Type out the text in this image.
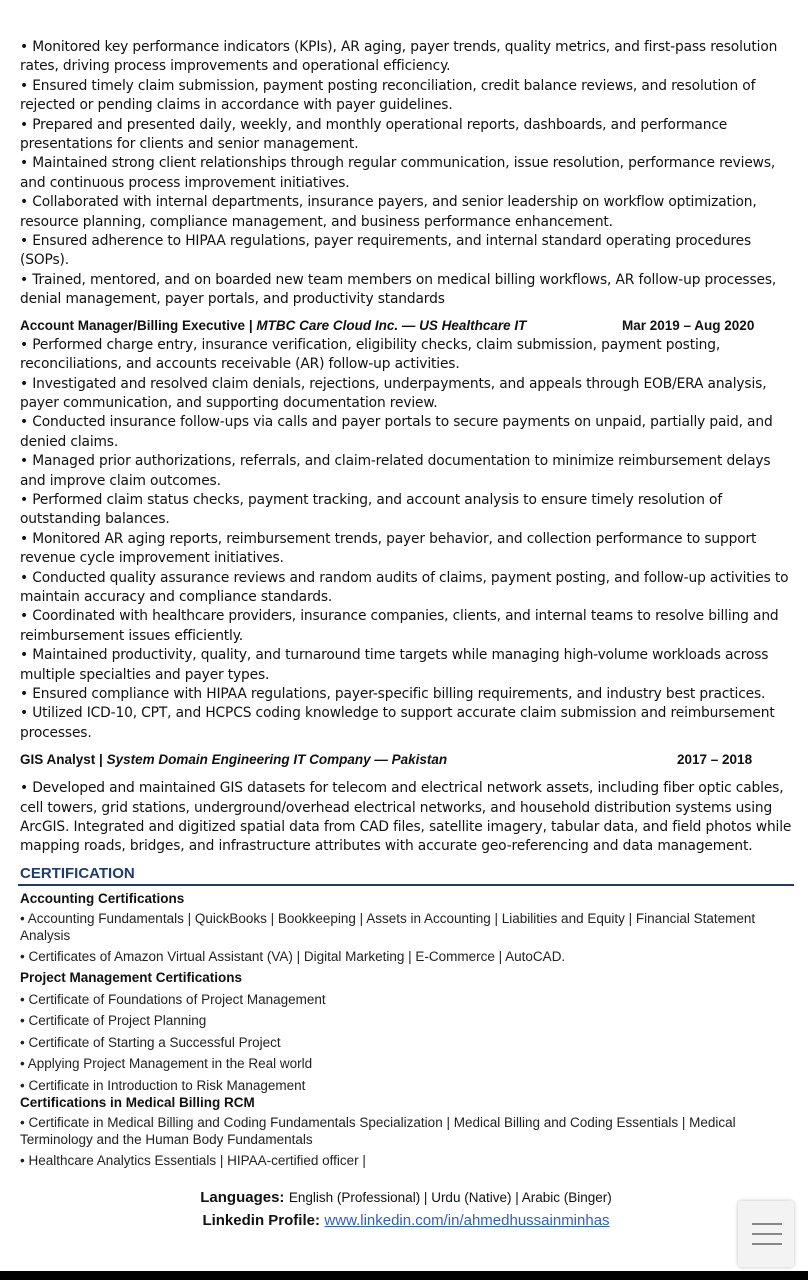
• Monitored key performance indicators (KPIs), AR aging, payer trends, quality metrics, and first-pass resolution rates, driving process improvements and operational efficiency.
• Ensured timely claim submission, payment posting reconciliation, credit balance reviews, and resolution of rejected or pending claims in accordance with payer guidelines.
• Prepared and presented daily, weekly, and monthly operational reports, dashboards, and performance presentations for clients and senior management.
• Maintained strong client relationships through regular communication, issue resolution, performance reviews, and continuous process improvement initiatives.
• Collaborated with internal departments, insurance payers, and senior leadership on workflow optimization, resource planning, compliance management, and business performance enhancement.
• Ensured adherence to HIPAA regulations, payer requirements, and internal standard operating procedures (SOPs).
• Trained, mentored, and on boarded new team members on medical billing workflows, AR follow-up processes, denial management, payer portals, and productivity standards
Account Manager/Billing Executive | MTBC Care Cloud Inc. — US Healthcare IT	Mar 2019 – Aug 2020
• Performed charge entry, insurance verification, eligibility checks, claim submission, payment posting, reconciliations, and accounts receivable (AR) follow-up activities.
• Investigated and resolved claim denials, rejections, underpayments, and appeals through EOB/ERA analysis, payer communication, and supporting documentation review.
• Conducted insurance follow-ups via calls and payer portals to secure payments on unpaid, partially paid, and denied claims.
• Managed prior authorizations, referrals, and claim-related documentation to minimize reimbursement delays and improve claim outcomes.
• Performed claim status checks, payment tracking, and account analysis to ensure timely resolution of outstanding balances.
• Monitored AR aging reports, reimbursement trends, payer behavior, and collection performance to support revenue cycle improvement initiatives.
• Conducted quality assurance reviews and random audits of claims, payment posting, and follow-up activities to maintain accuracy and compliance standards.
• Coordinated with healthcare providers, insurance companies, clients, and internal teams to resolve billing and reimbursement issues efficiently.
• Maintained productivity, quality, and turnaround time targets while managing high-volume workloads across multiple specialties and payer types.
• Ensured compliance with HIPAA regulations, payer-specific billing requirements, and industry best practices.
• Utilized ICD-10, CPT, and HCPCS coding knowledge to support accurate claim submission and reimbursement processes.
GIS Analyst | System Domain Engineering IT Company — Pakistan	2017 – 2018
• Developed and maintained GIS datasets for telecom and electrical network assets, including fiber optic cables, cell towers, grid stations, underground/overhead electrical networks, and household distribution systems using ArcGIS. Integrated and digitized spatial data from CAD files, satellite imagery, tabular data, and field photos while mapping roads, bridges, and infrastructure attributes with accurate geo-referencing and data management.
CERTIFICATION
Accounting Certifications
• Accounting Fundamentals | QuickBooks | Bookkeeping | Assets in Accounting | Liabilities and Equity | Financial Statement Analysis
• Certificates of Amazon Virtual Assistant (VA) | Digital Marketing | E-Commerce | AutoCAD.
Project Management Certifications
• Certificate of Foundations of Project Management
• Certificate of Project Planning
• Certificate of Starting a Successful Project
• Applying Project Management in the Real world
• Certificate in Introduction to Risk Management
Certifications in Medical Billing RCM
• Certificate in Medical Billing and Coding Fundamentals Specialization | Medical Billing and Coding Essentials | Medical Terminology and the Human Body Fundamentals
• Healthcare Analytics Essentials | HIPAA-certified officer |
Languages: English (Professional) | Urdu (Native) | Arabic (Binger)
Linkedin Profile: www.linkedin.com/in/ahmedhussainminhas
